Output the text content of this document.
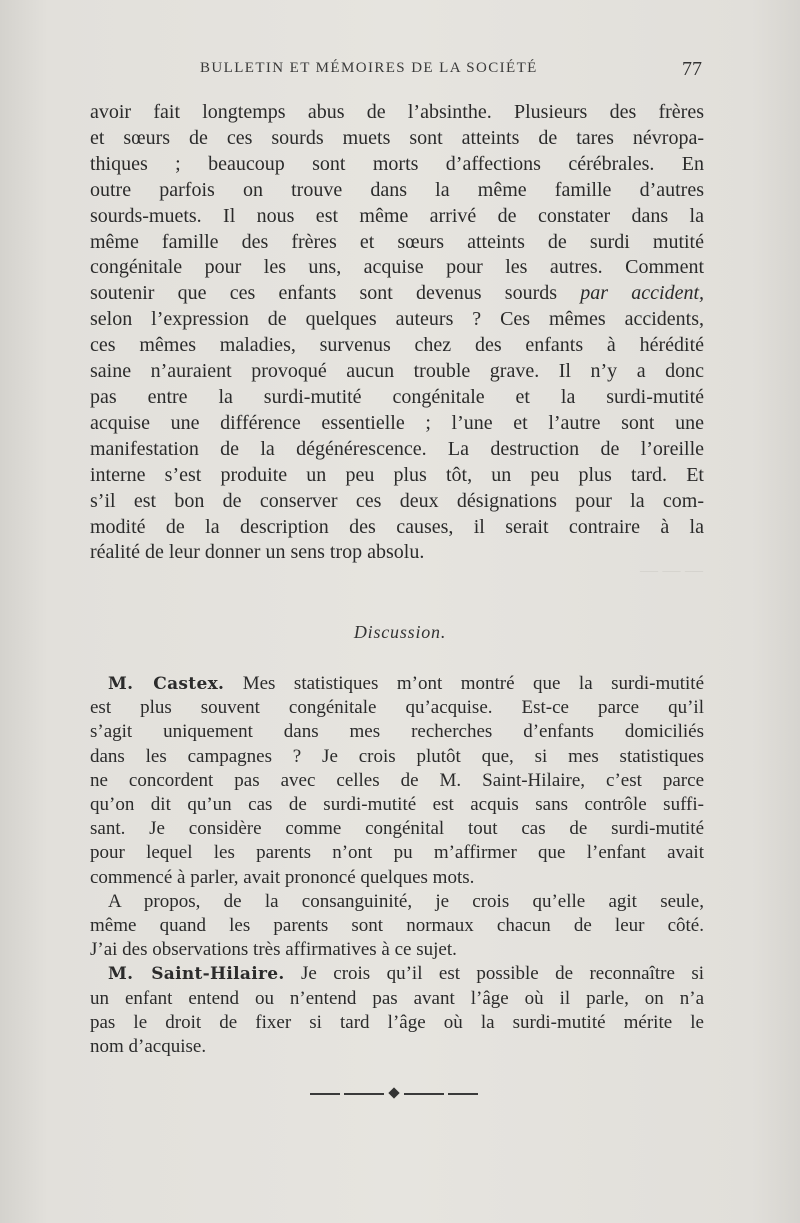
— — —
BULLETIN ET MÉMOIRES DE LA SOCIÉTÉ	77
avoir fait longtemps abus de l’absinthe. Plusieurs des frères
et sœurs de ces sourds muets sont atteints de tares névropa-
thiques ; beaucoup sont morts d’affections cérébrales. En
outre parfois on trouve dans la même famille d’autres
sourds-muets. Il nous est même arrivé de constater dans la
même famille des frères et sœurs atteints de surdi mutité
congénitale pour les uns, acquise pour les autres. Comment
soutenir que ces enfants sont devenus sourds par accident,
selon l’expression de quelques auteurs ? Ces mêmes accidents,
ces mêmes maladies, survenus chez des enfants à hérédité
saine n’auraient provoqué aucun trouble grave. Il n’y a donc
pas entre la surdi-mutité congénitale et la surdi-mutité
acquise une différence essentielle ; l’une et l’autre sont une
manifestation de la dégénérescence. La destruction de l’oreille
interne s’est produite un peu plus tôt, un peu plus tard. Et
s’il est bon de conserver ces deux désignations pour la com-
modité de la description des causes, il serait contraire à la
réalité de leur donner un sens trop absolu.
Discussion.
M. Castex. Mes statistiques m’ont montré que la surdi-mutité
est plus souvent congénitale qu’acquise. Est-ce parce qu’il
s’agit uniquement dans mes recherches d’enfants domiciliés
dans les campagnes ? Je crois plutôt que, si mes statistiques
ne concordent pas avec celles de M. Saint-Hilaire, c’est parce
qu’on dit qu’un cas de surdi-mutité est acquis sans contrôle suffi-
sant. Je considère comme congénital tout cas de surdi-mutité
pour lequel les parents n’ont pu m’affirmer que l’enfant avait
commencé à parler, avait prononcé quelques mots.
A propos, de la consanguinité, je crois qu’elle agit seule,
même quand les parents sont normaux chacun de leur côté.
J’ai des observations très affirmatives à ce sujet.
M. Saint-Hilaire. Je crois qu’il est possible de reconnaître si
un enfant entend ou n’entend pas avant l’âge où il parle, on n’a
pas le droit de fixer si tard l’âge où la surdi-mutité mérite le
nom d’acquise.
